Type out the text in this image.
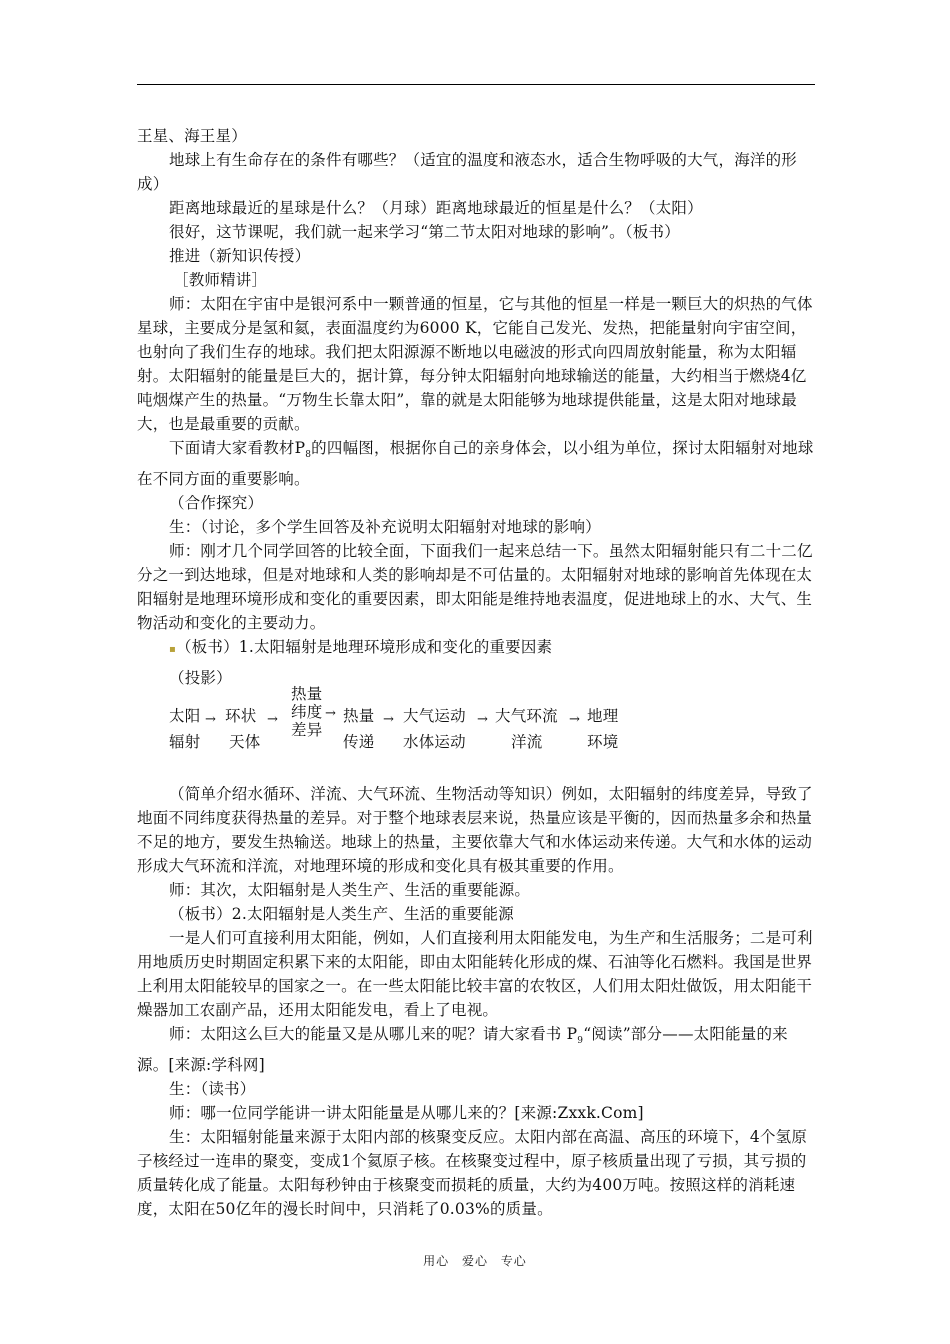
王星、海王星）

地球上有生命存在的条件有哪些？（适宜的温度和液态水，适合生物呼吸的大气，海洋的形成）

距离地球最近的星球是什么？（月球）距离地球最近的恒星是什么？（太阳）

很好，这节课呢，我们就一起来学习“第二节太阳对地球的影响”。（板书）

推进（新知识传授）

［教师精讲］

师：太阳在宇宙中是银河系中一颗普通的恒星，它与其他的恒星一样是一颗巨大的炽热的气体星球，主要成分是氢和氦，表面温度约为6000 K，它能自己发光、发热，把能量射向宇宙空间，也射向了我们生存的地球。我们把太阳源源不断地以电磁波的形式向四周放射能量，称为太阳辐射。太阳辐射的能量是巨大的，据计算，每分钟太阳辐射向地球输送的能量，大约相当于燃烧4亿吨烟煤产生的热量。“万物生长靠太阳”，靠的就是太阳能够为地球提供能量，这是太阳对地球最大，也是最重要的贡献。

下面请大家看教材$P_8$的四幅图，根据你自己的亲身体会，以小组为单位，探讨太阳辐射对地球在不同方面的重要影响。

（合作探究）

生：（讨论，多个学生回答及补充说明太阳辐射对地球的影响）

师：刚才几个同学回答的比较全面，下面我们一起来总结一下。虽然太阳辐射能只有二十二亿分之一到达地球，但是对地球和人类的影响却是不可估量的。太阳辐射对地球的影响首先体现在太阳辐射是地理环境形成和变化的重要因素，即太阳能是维持地表温度，促进地球上的水、大气、生物活动和变化的主要动力。

▪（板书）1.太阳辐射是地理环境形成和变化的重要因素

（投影）

太阳
辐射
→ 环状
天体
→
热量
纬度
差异
→ 热量
传递
→ 大气运动
水体运动
→ 大气环流
洋流
→ 地理
环境

（简单介绍水循环、洋流、大气环流、生物活动等知识）例如，太阳辐射的纬度差异，导致了地面不同纬度获得热量的差异。对于整个地球表层来说，热量应该是平衡的，因而热量多余和热量不足的地方，要发生热输送。地球上的热量，主要依靠大气和水体运动来传递。大气和水体的运动形成大气环流和洋流，对地理环境的形成和变化具有极其重要的作用。

师：其次，太阳辐射是人类生产、生活的重要能源。

（板书）2.太阳辐射是人类生产、生活的重要能源

一是人们可直接利用太阳能，例如，人们直接利用太阳能发电，为生产和生活服务；二是可利用地质历史时期固定积累下来的太阳能，即由太阳能转化形成的煤、石油等化石燃料。我国是世界上利用太阳能较早的国家之一。在一些太阳能比较丰富的农牧区，人们用太阳灶做饭，用太阳能干燥器加工农副产品，还用太阳能发电，看上了电视。

师：太阳这么巨大的能量又是从哪儿来的呢？请大家看书 $P_9“$阅读”部分——太阳能量的来源。[来源:学科网]

生：（读书）

师：哪一位同学能讲一讲太阳能量是从哪儿来的？[来源:Zxxk.Com]

生：太阳辐射能量来源于太阳内部的核聚变反应。太阳内部在高温、高压的环境下，4个氢原子核经过一连串的聚变，变成1个氦原子核。在核聚变过程中，原子核质量出现了亏损，其亏损的质量转化成了能量。太阳每秒钟由于核聚变而损耗的质量，大约为400万吨。按照这样的消耗速度，太阳在50亿年的漫长时间中，只消耗了0.03%的质量。

用心 爱心 专心
